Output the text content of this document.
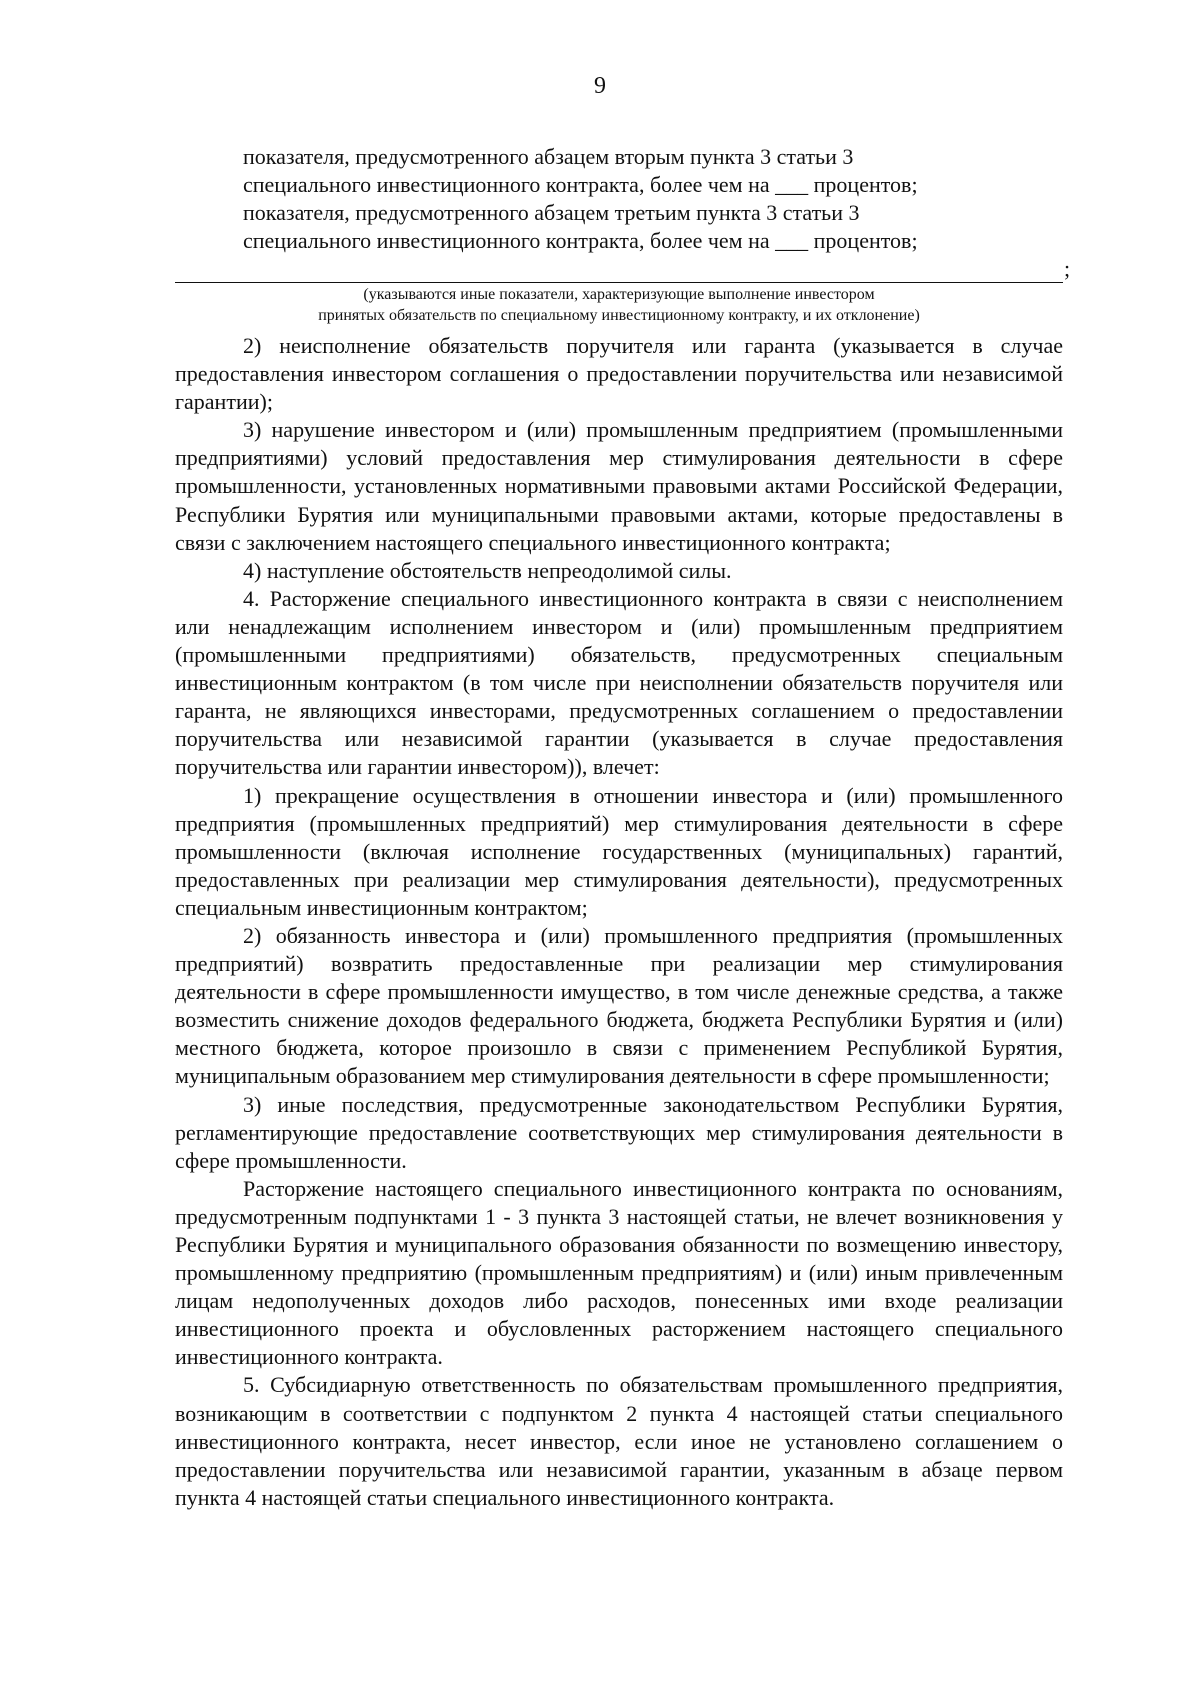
9
показателя, предусмотренного абзацем вторым пункта 3 статьи 3
специального инвестиционного контракта, более чем на ___ процентов;
показателя, предусмотренного абзацем третьим пункта 3 статьи 3
специального инвестиционного контракта, более чем на ___ процентов;
;
(указываются иные показатели, характеризующие выполнение инвестором
принятых обязательств по специальному инвестиционному контракту, и их отклонение)

2) неисполнение обязательств поручителя или гаранта (указывается в случае предоставления инвестором соглашения о предоставлении поручительства или независимой гарантии);

3) нарушение инвестором и (или) промышленным предприятием (промышленными предприятиями) условий предоставления мер стимулирования деятельности в сфере промышленности, установленных нормативными правовыми актами Российской Федерации, Республики Бурятия или муниципальными правовыми актами, которые предоставлены в связи с заключением настоящего специального инвестиционного контракта;

4) наступление обстоятельств непреодолимой силы.

4. Расторжение специального инвестиционного контракта в связи с неисполнением или ненадлежащим исполнением инвестором и (или) промышленным предприятием (промышленными предприятиями) обязательств, предусмотренных специальным инвестиционным контрактом (в том числе при неисполнении обязательств поручителя или гаранта, не являющихся инвесторами, предусмотренных соглашением о предоставлении поручительства или независимой гарантии (указывается в случае предоставления поручительства или гарантии инвестором)), влечет:

1) прекращение осуществления в отношении инвестора и (или) промышленного предприятия (промышленных предприятий) мер стимулирования деятельности в сфере промышленности (включая исполнение государственных (муниципальных) гарантий, предоставленных при реализации мер стимулирования деятельности), предусмотренных специальным инвестиционным контрактом;

2) обязанность инвестора и (или) промышленного предприятия (промышленных предприятий) возвратить предоставленные при реализации мер стимулирования деятельности в сфере промышленности имущество, в том числе денежные средства, а также возместить снижение доходов федерального бюджета, бюджета Республики Бурятия и (или) местного бюджета, которое произошло в связи с применением Республикой Бурятия, муниципальным образованием мер стимулирования деятельности в сфере промышленности;

3) иные последствия, предусмотренные законодательством Республики Бурятия, регламентирующие предоставление соответствующих мер стимулирования деятельности в сфере промышленности.

Расторжение настоящего специального инвестиционного контракта по основаниям, предусмотренным подпунктами 1 - 3 пункта 3 настоящей статьи, не влечет возникновения у Республики Бурятия и муниципального образования обязанности по возмещению инвестору, промышленному предприятию (промышленным предприятиям) и (или) иным привлеченным лицам недополученных доходов либо расходов, понесенных ими входе реализации инвестиционного проекта и обусловленных расторжением настоящего специального инвестиционного контракта.

5. Субсидиарную ответственность по обязательствам промышленного предприятия, возникающим в соответствии с подпунктом 2 пункта 4 настоящей статьи специального инвестиционного контракта, несет инвестор, если иное не установлено соглашением о предоставлении поручительства или независимой гарантии, указанным в абзаце первом пункта 4 настоящей статьи специального инвестиционного контракта.
